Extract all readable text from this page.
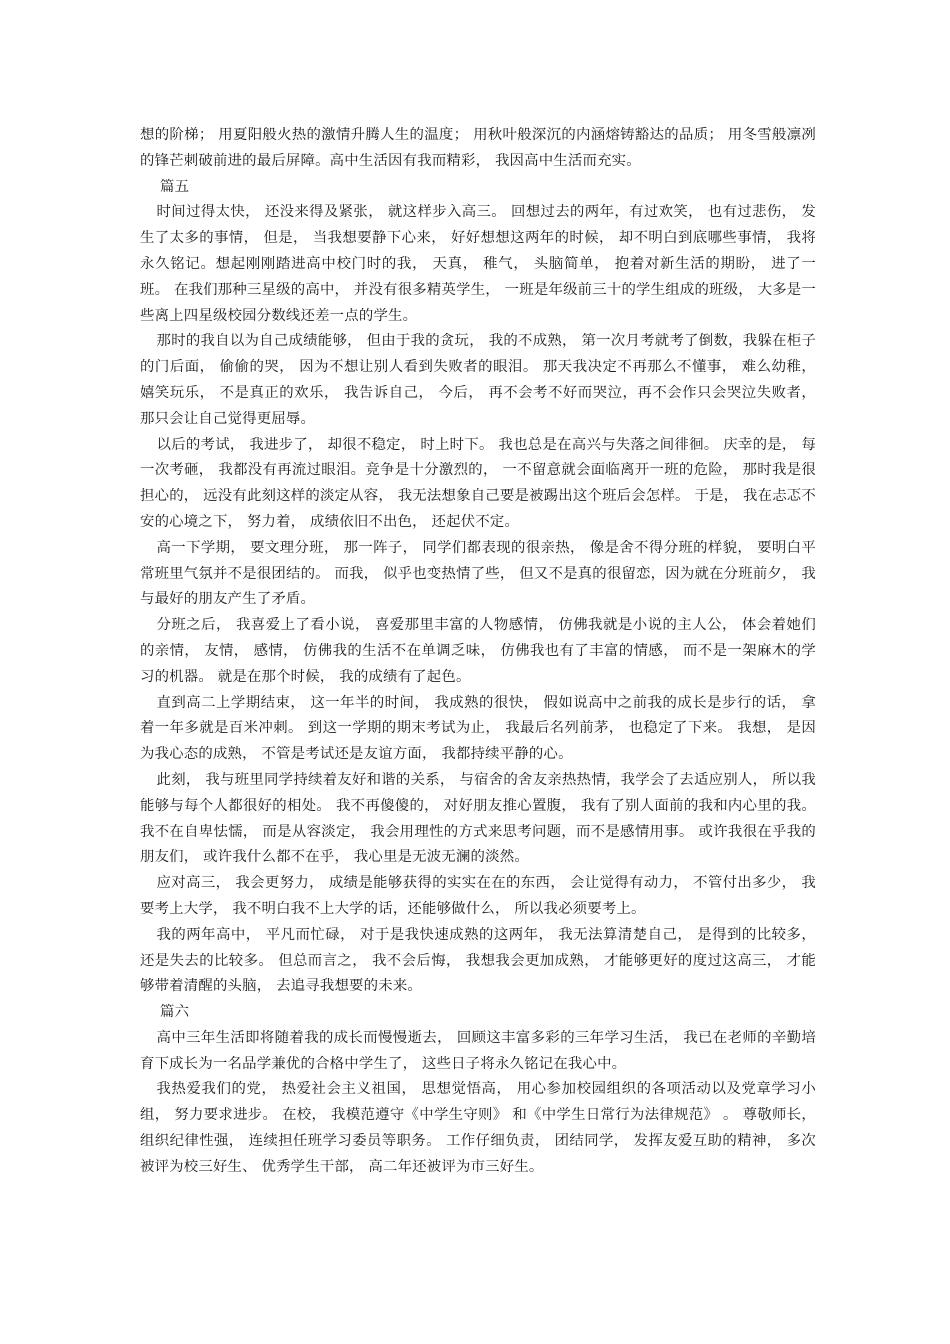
想的阶梯； 用夏阳般火热的激情升腾人生的温度； 用秋叶般深沉的内涵熔铸豁达的品质； 用冬雪般凛冽的锋芒刺破前进的最后屏障。高中生活因有我而精彩， 我因高中生活而充实。

篇五

时间过得太快， 还没来得及紧张， 就这样步入高三。 回想过去的两年，有过欢笑， 也有过悲伤， 发生了太多的事情， 但是， 当我想要静下心来， 好好想想这两年的时候， 却不明白到底哪些事情， 我将永久铭记。想起刚刚踏进高中校门时的我， 天真， 稚气， 头脑简单， 抱着对新生活的期盼， 进了一班。 在我们那种三星级的高中， 并没有很多精英学生， 一班是年级前三十的学生组成的班级， 大多是一些离上四星级校园分数线还差一点的学生。

那时的我自以为自己成绩能够， 但由于我的贪玩， 我的不成熟， 第一次月考就考了倒数，我躲在柜子的门后面， 偷偷的哭， 因为不想让别人看到失败者的眼泪。 那天我决定不再那么不懂事， 难么幼稚， 嬉笑玩乐， 不是真正的欢乐， 我告诉自己， 今后， 再不会考不好而哭泣，再不会作只会哭泣失败者， 那只会让自己觉得更屈辱。

以后的考试， 我进步了， 却很不稳定， 时上时下。 我也总是在高兴与失落之间徘徊。 庆幸的是， 每一次考砸， 我都没有再流过眼泪。竞争是十分激烈的， 一不留意就会面临离开一班的危险， 那时我是很担心的， 远没有此刻这样的淡定从容， 我无法想象自己要是被踢出这个班后会怎样。 于是， 我在忐忑不安的心境之下， 努力着， 成绩依旧不出色， 还起伏不定。

高一下学期， 要文理分班， 那一阵子， 同学们都表现的很亲热， 像是舍不得分班的样貌， 要明白平常班里气氛并不是很团结的。 而我， 似乎也变热情了些， 但又不是真的很留恋，因为就在分班前夕， 我与最好的朋友产生了矛盾。

分班之后， 我喜爱上了看小说， 喜爱那里丰富的人物感情， 仿佛我就是小说的主人公， 体会着她们的亲情， 友情， 感情， 仿佛我的生活不在单调乏味， 仿佛我也有了丰富的情感， 而不是一架麻木的学习的机器。 就是在那个时候， 我的成绩有了起色。

直到高二上学期结束， 这一年半的时间， 我成熟的很快， 假如说高中之前我的成长是步行的话， 拿着一年多就是百米冲刺。 到这一学期的期末考试为止， 我最后名列前茅， 也稳定了下来。 我想， 是因为我心态的成熟， 不管是考试还是友谊方面， 我都持续平静的心。

此刻， 我与班里同学持续着友好和谐的关系， 与宿舍的舍友亲热热情，我学会了去适应别人， 所以我能够与每个人都很好的相处。 我不再傻傻的， 对好朋友推心置腹， 我有了别人面前的我和内心里的我。 我不在自卑怯懦， 而是从容淡定， 我会用理性的方式来思考问题，而不是感情用事。 或许我很在乎我的朋友们， 或许我什么都不在乎， 我心里是无波无澜的淡然。

应对高三， 我会更努力， 成绩是能够获得的实实在在的东西， 会让觉得有动力， 不管付出多少， 我要考上大学， 我不明白我不上大学的话，还能够做什么， 所以我必须要考上。

我的两年高中， 平凡而忙碌， 对于是我快速成熟的这两年， 我无法算清楚自己， 是得到的比较多， 还是失去的比较多。 但总而言之， 我不会后悔， 我想我会更加成熟， 才能够更好的度过这高三， 才能够带着清醒的头脑， 去追寻我想要的未来。

篇六

高中三年生活即将随着我的成长而慢慢逝去， 回顾这丰富多彩的三年学习生活， 我已在老师的辛勤培育下成长为一名品学兼优的合格中学生了， 这些日子将永久铭记在我心中。

我热爱我们的党， 热爱社会主义祖国， 思想觉悟高， 用心参加校园组织的各项活动以及党章学习小组， 努力要求进步。 在校， 我模范遵守《中学生守则》 和《中学生日常行为法律规范》 。 尊敬师长， 组织纪律性强， 连续担任班学习委员等职务。 工作仔细负责， 团结同学， 发挥友爱互助的精神， 多次被评为校三好生、 优秀学生干部， 高二年还被评为市三好生。
